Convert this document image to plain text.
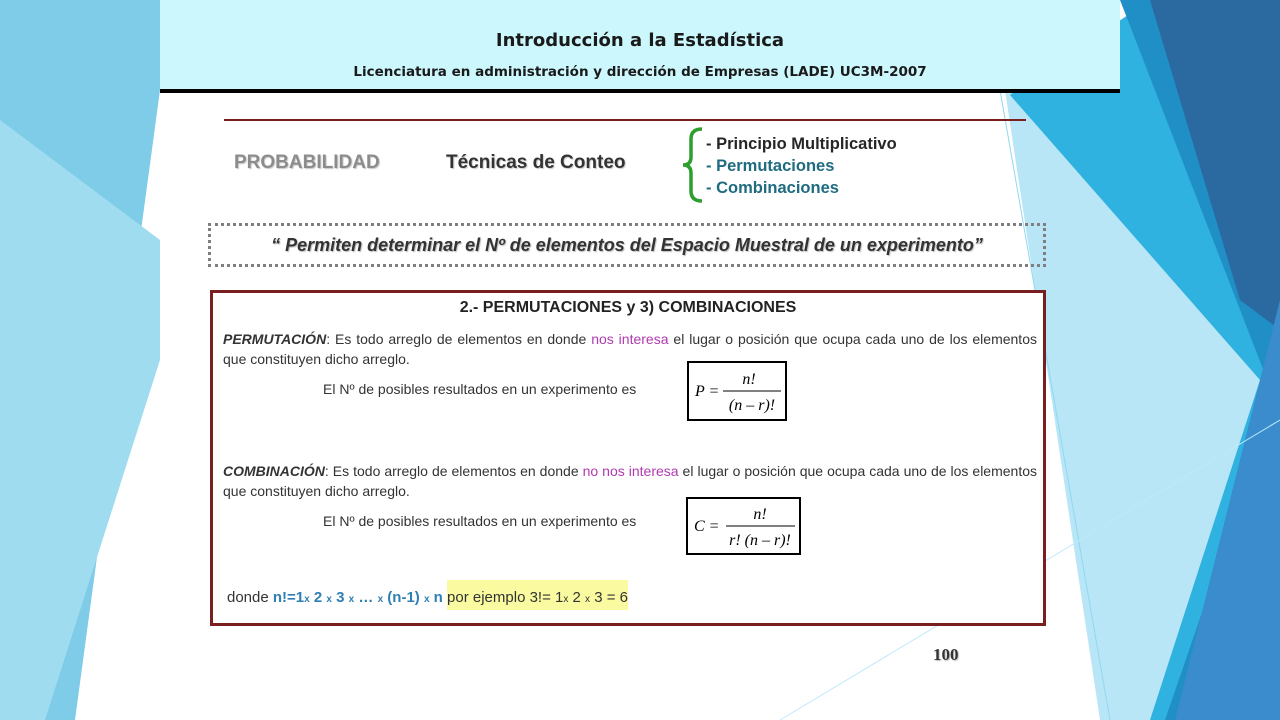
Introducción a la Estadística
Licenciatura en administración y dirección de Empresas (LADE) UC3M-2007
PROBABILIDAD	Técnicas de Conteo
- Principio Multiplicativo
- Permutaciones
- Combinaciones
“ Permiten determinar el Nº de elementos del Espacio Muestral de un experimento”
2.- PERMUTACIONES y 3) COMBINACIONES
PERMUTACIÓN: Es todo arreglo de elementos en donde nos interesa el lugar o posición que ocupa cada uno de los elementos que constituyen dicho arreglo.
El Nº de posibles resultados en un experimento es	P =
n!
(n – r)!
COMBINACIÓN: Es todo arreglo de elementos en donde no nos interesa el lugar o posición que ocupa cada uno de los elementos que constituyen dicho arreglo.
El Nº de posibles resultados en un experimento es	C =
n!
r! (n – r)!
donde n!=1x 2 x 3 x … x (n-1) x n por ejemplo 3!= 1x 2 x 3 = 6
100
